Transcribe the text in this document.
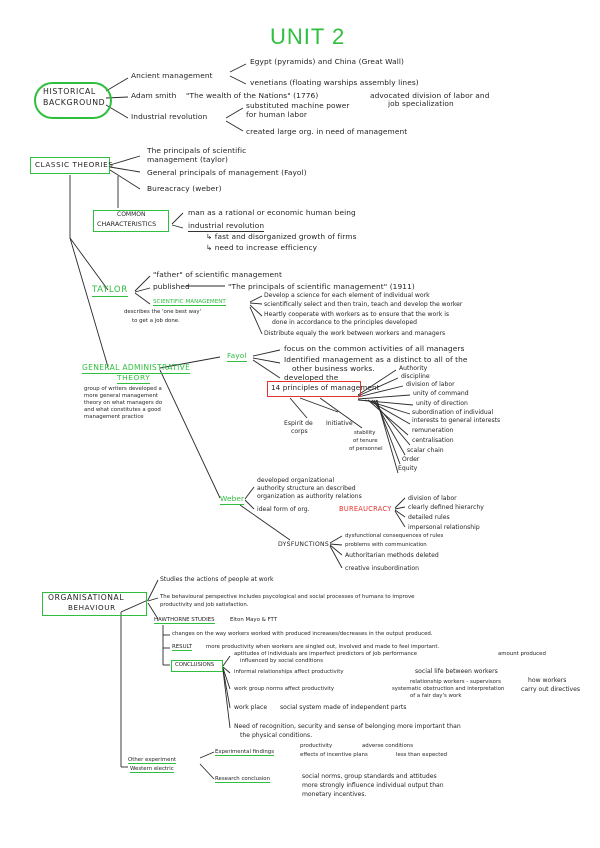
UNIT 2
HISTORICAL
BACKGROUND
Ancient management
Egypt (pyramids) and China (Great Wall)
venetians (floating warships assembly lines)
Adam smith "The wealth of the Nations" (1776)	advocated division of labor and
Industrial revolution
substituted machine power	job specialization
for human labor
created large org. in need of management
CLASSIC THEORIES
The principals of scientific
management (taylor)
General principals of management (Fayol)
Bureacracy (weber)
COMMON
CHARACTERISTICS
man as a rational or economic human being
industrial revolution
↳ fast and disorganized growth of firms
↳ need to increase efficiency
TAYLOR
"father" of scientific management
published	"The principals of scientific management" (1911)
SCIENTIFIC MANAGEMENT
describes the 'one best way'
to get a job done.
Develop a science for each element of individual work
scientifically select and then train, teach and develop the worker
Heartly cooperate with workers as to ensure that the work is
done in accordance to the principles developed
Distribute equaly the work between workers and managers
GENERAL ADMINISTRATIVE
THEORY
group of writers developed a
more general management
theory on what managers do
and what constitutes a good
management practice
Fayol
focus on the common activities of all managers
Identified management as a distinct to all of the
other business works.
developed the
14 principles of management
Authority
discipline
division of labor
unity of command
unity of direction
subordination of individual
interests to general interests
remuneration
centralisation
scalar chain
Order
Equity
Espirit de
corps
Initiative
stability
of tenure
of personnel
Weber
developed organizational
authority structure an described
organization as authority relations
ideal form of org.	BUREAUCRACY
division of labor
clearly defined hierarchy
detailed rules
impersonal relationship
DYSFUNCTIONS
dysfunctional consequences of rules
problems with communication
Authoritarian methods deleted
creative insubordination
ORGANISATIONAL
BEHAVIOUR
Studies the actions of people at work
The behavioural perspective includes psycological and social processes of humans to improve
productivity and job satisfaction.
HAWTHORNE STUDIES	Elton Mayo & FTT
changes on the way workers worked with produced increases/decreases in the output produced.
RESULT	more productivity when workers are singled out, involved and made to feel important.
CONCLUSIONS
aptitudes of individuals are imperfect predictors of job performance	amount produced
influenced by social conditions
informal relationships affect productivity	social life between workers
relationship workers - supervisors	how workers
work group norms affect productivity	systematic obstruction and interpretation	carry out directives
of a fair day's work
work place social system made of independent parts
Need of recognition, security and sense of belonging more important than
the physical conditions.
Other experiment
Western electric
Experimental findings
productivity	adverse conditions
effects of incentive plans	less than expected
Research conclusion	social norms, group standards and attitudes
more strongly influence individual output than
monetary incentives.
